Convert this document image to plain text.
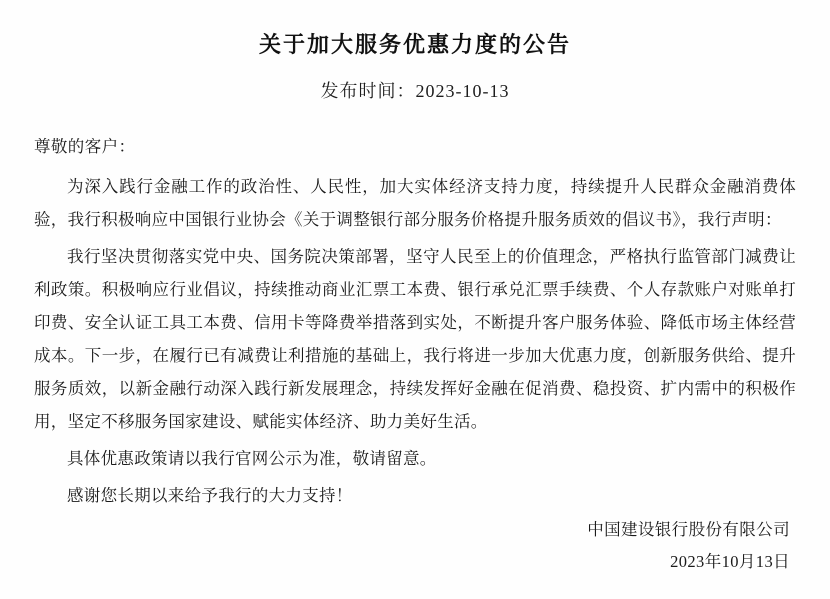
关于加大服务优惠力度的公告
发布时间：2023-10-13

尊敬的客户：

为深入践行金融工作的政治性、人民性，加大实体经济支持力度，持续提升人民群众金融消费体验，我行积极响应中国银行业协会《关于调整银行部分服务价格提升服务质效的倡议书》，我行声明：

我行坚决贯彻落实党中央、国务院决策部署，坚守人民至上的价值理念，严格执行监管部门减费让利政策。积极响应行业倡议，持续推动商业汇票工本费、银行承兑汇票手续费、个人存款账户对账单打印费、安全认证工具工本费、信用卡等降费举措落到实处，不断提升客户服务体验、降低市场主体经营成本。下一步，在履行已有减费让利措施的基础上，我行将进一步加大优惠力度，创新服务供给、提升服务质效，以新金融行动深入践行新发展理念，持续发挥好金融在促消费、稳投资、扩内需中的积极作用，坚定不移服务国家建设、赋能实体经济、助力美好生活。

具体优惠政策请以我行官网公示为准，敬请留意。

感谢您长期以来给予我行的大力支持！

中国建设银行股份有限公司
2023年10月13日
